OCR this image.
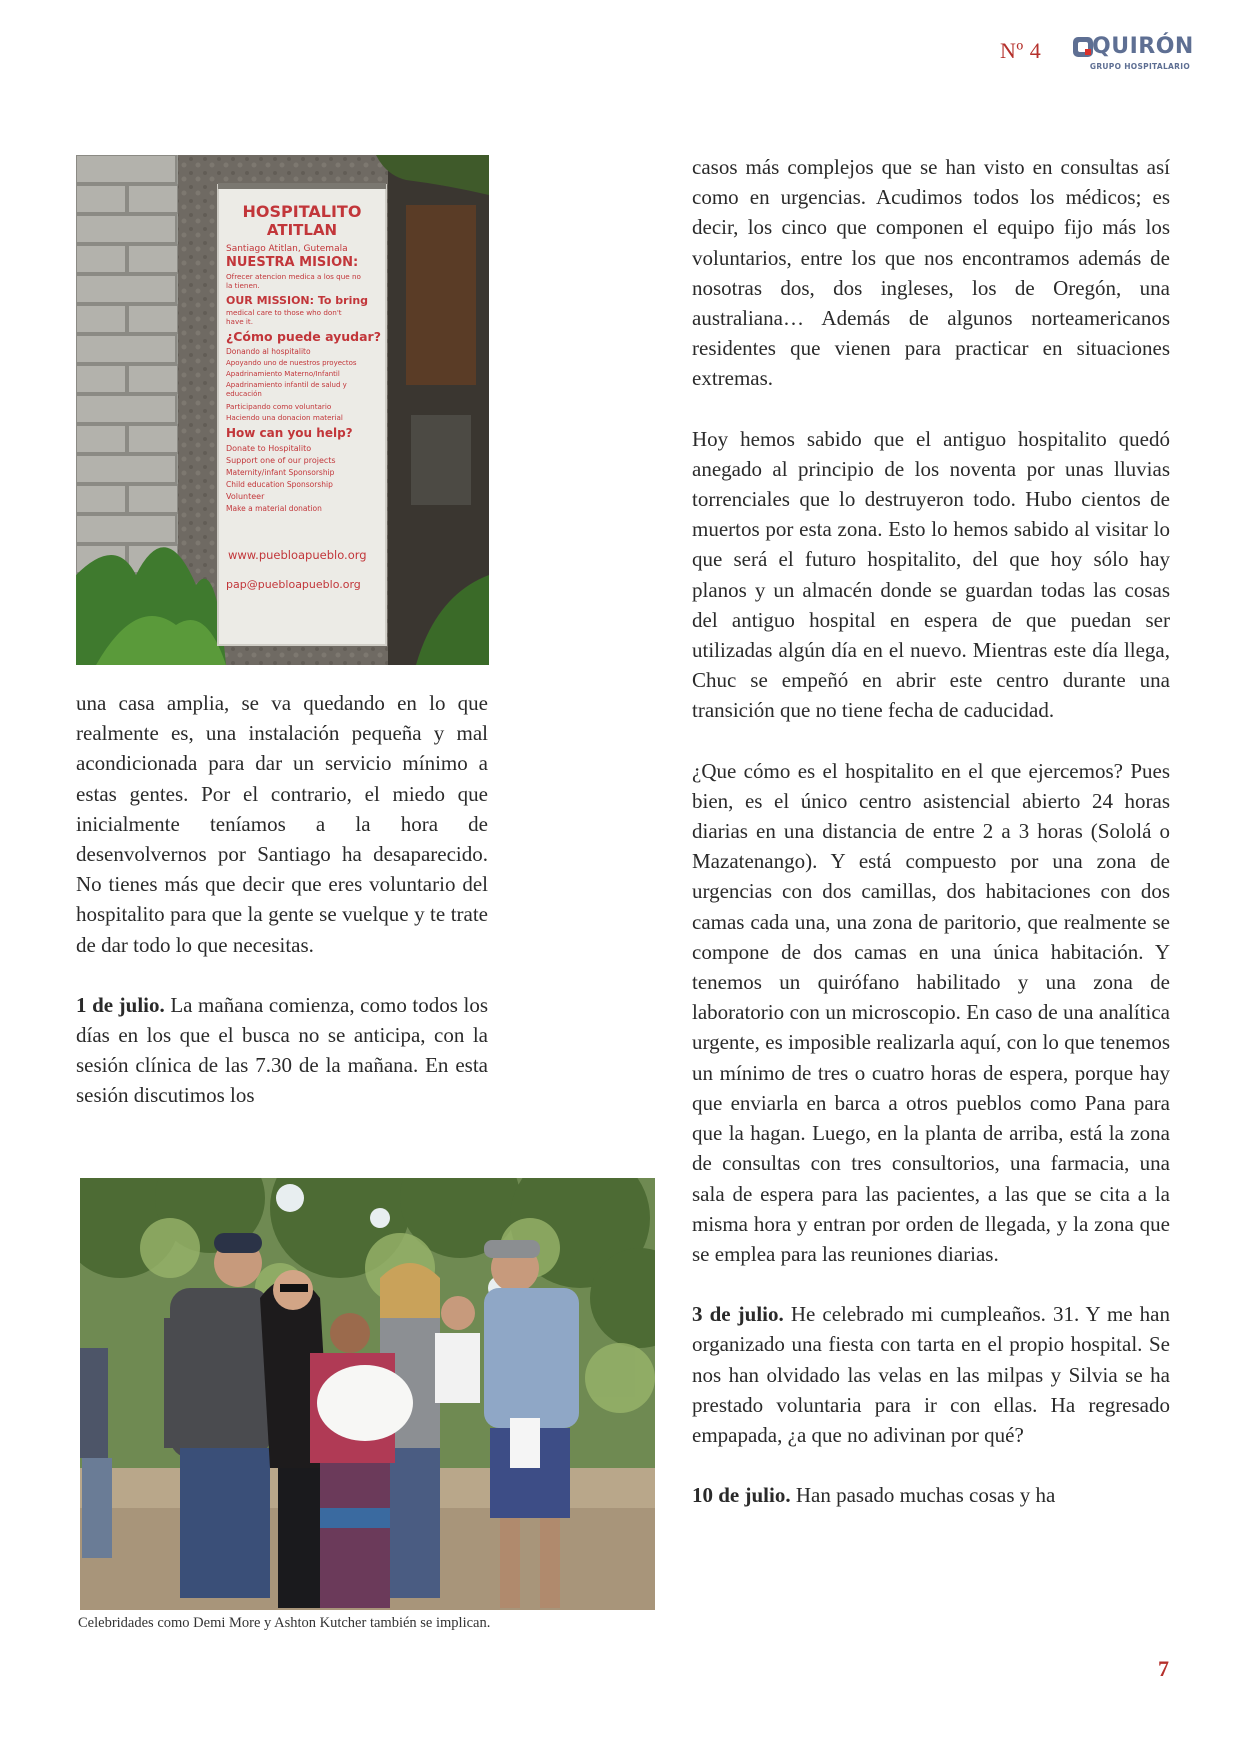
Nº 4 QUIRÓN
GRUPO HOSPITALARIO
HOSPITALITO
ATITLAN
Santiago Atitlan, Gutemala
NUESTRA MISION:
Ofrecer atencion medica a los que no
la tienen.
OUR MISSION: To bring
medical care to those who don't
have it.
¿Cómo puede ayudar?
Donando al hospitalito
Apoyando uno de nuestros proyectos
Apadrinamiento Materno/Infantil
Apadrinamiento infantil de salud y
educación
Participando como voluntario
Haciendo una donacion material
How can you help?
Donate to Hospitalito
Support one of our projects
Maternity/infant Sponsorship
Child education Sponsorship
Volunteer
Make a material donation
www.puebloapueblo.org
pap@puebloapueblo.org

una casa amplia, se va quedando en lo que realmente es, una instalación pequeña y mal acondicionada para dar un servicio mínimo a estas gentes. Por el contrario, el miedo que inicialmente teníamos a la hora de desenvolvernos por Santiago ha desaparecido. No tienes más que decir que eres voluntario del hospitalito para que la gente se vuelque y te trate de dar todo lo que necesitas.

1 de julio. La mañana comienza, como todos los días en los que el busca no se anticipa, con la sesión clínica de las 7.30 de la mañana. En esta sesión discutimos los

Celebridades como Demi More y Ashton Kutcher también se implican.

casos más complejos que se han visto en consultas así como en urgencias. Acudimos todos los médicos; es decir, los cinco que componen el equipo fijo más los voluntarios, entre los que nos encontramos además de nosotras dos, dos ingleses, los de Oregón, una australiana… Además de algunos norteamericanos residentes que vienen para practicar en situaciones extremas.

Hoy hemos sabido que el antiguo hospitalito quedó anegado al principio de los noventa por unas lluvias torrenciales que lo destruyeron todo. Hubo cientos de muertos por esta zona. Esto lo hemos sabido al visitar lo que será el futuro hospitalito, del que hoy sólo hay planos y un almacén donde se guardan todas las cosas del antiguo hospital en espera de que puedan ser utilizadas algún día en el nuevo. Mientras este día llega, Chuc se empeñó en abrir este centro durante una transición que no tiene fecha de caducidad.

¿Que cómo es el hospitalito en el que ejercemos? Pues bien, es el único centro asistencial abierto 24 horas diarias en una distancia de entre 2 a 3 horas (Sololá o Mazatenango). Y está compuesto por una zona de urgencias con dos camillas, dos habitaciones con dos camas cada una, una zona de paritorio, que realmente se compone de dos camas en una única habitación. Y tenemos un quirófano habilitado y una zona de laboratorio con un microscopio. En caso de una analítica urgente, es imposible realizarla aquí, con lo que tenemos un mínimo de tres o cuatro horas de espera, porque hay que enviarla en barca a otros pueblos como Pana para que la hagan. Luego, en la planta de arriba, está la zona de consultas con tres consultorios, una farmacia, una sala de espera para las pacientes, a las que se cita a la misma hora y entran por orden de llegada, y la zona que se emplea para las reuniones diarias.

3 de julio. He celebrado mi cumpleaños. 31. Y me han organizado una fiesta con tarta en el propio hospital. Se nos han olvidado las velas en las milpas y Silvia se ha prestado voluntaria para ir con ellas. Ha regresado empapada, ¿a que no adivinan por qué?

10 de julio. Han pasado muchas cosas y ha

7
